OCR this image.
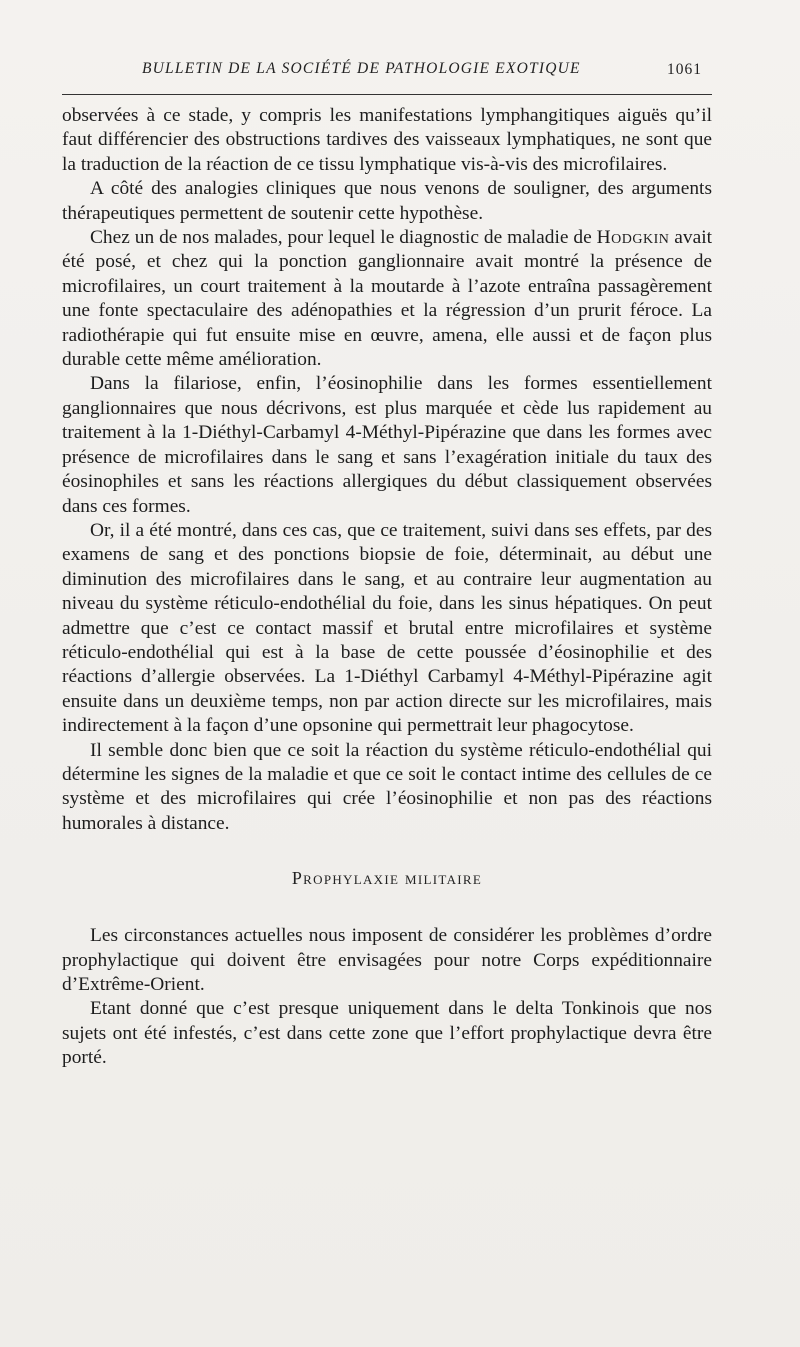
BULLETIN DE LA SOCIÉTÉ DE PATHOLOGIE EXOTIQUE	1061

observées à ce stade, y compris les manifestations lymphangitiques aiguës qu’il faut différencier des obstructions tardives des vaisseaux lymphatiques, ne sont que la traduction de la réaction de ce tissu lymphatique vis-à-vis des microfilaires.

A côté des analogies cliniques que nous venons de souligner, des arguments thérapeutiques permettent de soutenir cette hypothèse.

Chez un de nos malades, pour lequel le diagnostic de maladie de Hodgkin avait été posé, et chez qui la ponction ganglionnaire avait montré la présence de microfilaires, un court traitement à la moutarde à l’azote entraîna passagèrement une fonte spectaculaire des adénopathies et la régression d’un prurit féroce. La radiothérapie qui fut ensuite mise en œuvre, amena, elle aussi et de façon plus durable cette même amélioration.

Dans la filariose, enfin, l’éosinophilie dans les formes essentiellement ganglionnaires que nous décrivons, est plus marquée et cède lus rapidement au traitement à la 1-Diéthyl-Carbamyl 4-Méthyl-Pipérazine que dans les formes avec présence de microfilaires dans le sang et sans l’exagération initiale du taux des éosinophiles et sans les réactions allergiques du début classiquement observées dans ces formes.

Or, il a été montré, dans ces cas, que ce traitement, suivi dans ses effets, par des examens de sang et des ponctions biopsie de foie, déterminait, au début une diminution des microfilaires dans le sang, et au contraire leur augmentation au niveau du système réticulo-endothélial du foie, dans les sinus hépatiques. On peut admettre que c’est ce contact massif et brutal entre microfilaires et système réticulo-endothélial qui est à la base de cette poussée d’éosinophilie et des réactions d’allergie observées. La 1-Diéthyl Carbamyl 4-Méthyl-Pipérazine agit ensuite dans un deuxième temps, non par action directe sur les microfilaires, mais indirectement à la façon d’une opsonine qui permettrait leur phagocytose.

Il semble donc bien que ce soit la réaction du système réticulo-endothélial qui détermine les signes de la maladie et que ce soit le contact intime des cellules de ce système et des microfilaires qui crée l’éosinophilie et non pas des réactions humorales à distance.

Prophylaxie militaire

Les circonstances actuelles nous imposent de considérer les problèmes d’ordre prophylactique qui doivent être envisagées pour notre Corps expéditionnaire d’Extrême-Orient.

Etant donné que c’est presque uniquement dans le delta Tonkinois que nos sujets ont été infestés, c’est dans cette zone que l’effort prophylactique devra être porté.
